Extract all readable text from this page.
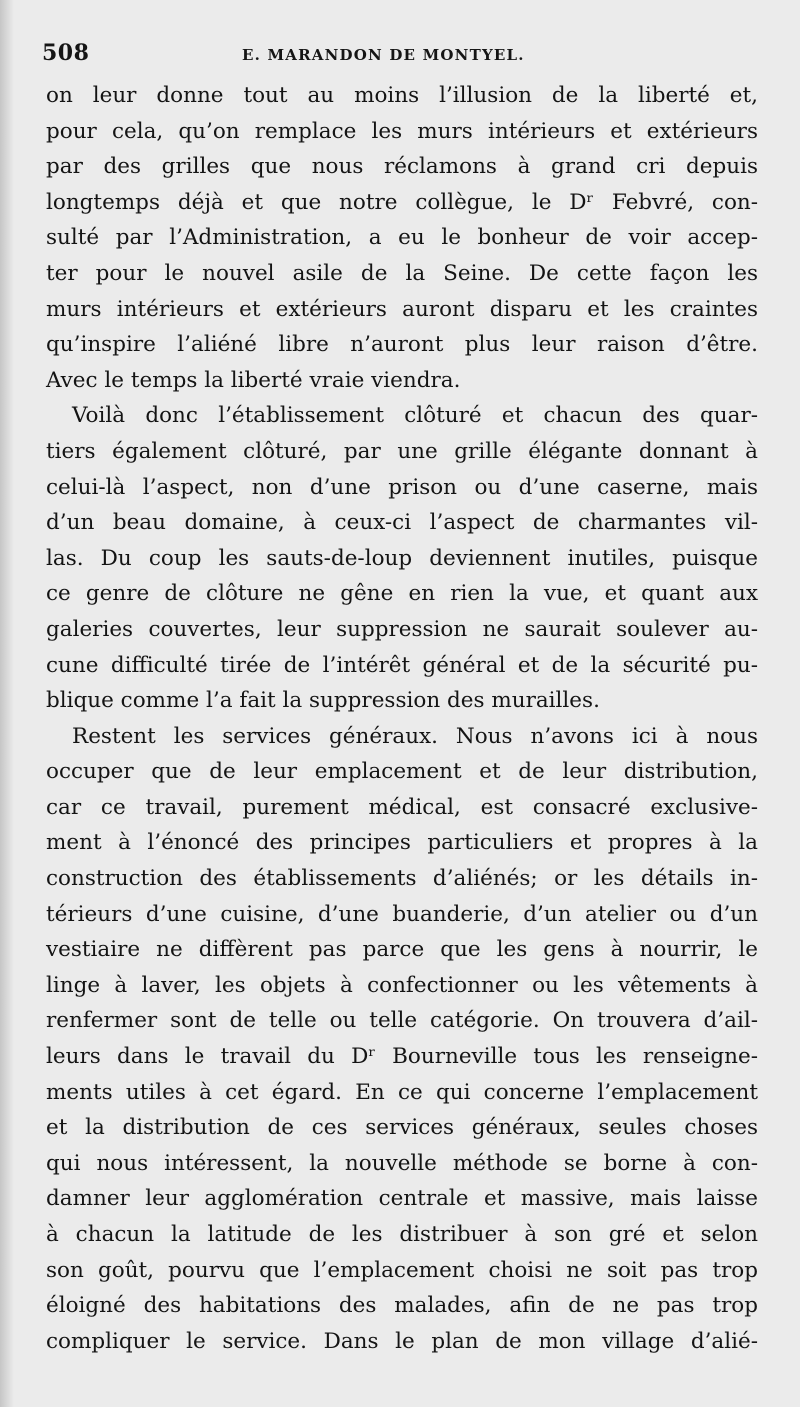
508	E. MARANDON DE MONTYEL.
on leur donne tout au moins l’illusion de la liberté et,
pour cela, qu’on remplace les murs intérieurs et extérieurs
par des grilles que nous réclamons à grand cri depuis
longtemps déjà et que notre collègue, le Dʳ Febvré, con-
sulté par l’Administration, a eu le bonheur de voir accep-
ter pour le nouvel asile de la Seine. De cette façon les
murs intérieurs et extérieurs auront disparu et les craintes
qu’inspire l’aliéné libre n’auront plus leur raison d’être.
Avec le temps la liberté vraie viendra.
Voilà donc l’établissement clôturé et chacun des quar-
tiers également clôturé, par une grille élégante donnant à
celui-là l’aspect, non d’une prison ou d’une caserne, mais
d’un beau domaine, à ceux-ci l’aspect de charmantes vil-
las. Du coup les sauts-de-loup deviennent inutiles, puisque
ce genre de clôture ne gêne en rien la vue, et quant aux
galeries couvertes, leur suppression ne saurait soulever au-
cune difficulté tirée de l’intérêt général et de la sécurité pu-
blique comme l’a fait la suppression des murailles.
Restent les services généraux. Nous n’avons ici à nous
occuper que de leur emplacement et de leur distribution,
car ce travail, purement médical, est consacré exclusive-
ment à l’énoncé des principes particuliers et propres à la
construction des établissements d’aliénés; or les détails in-
térieurs d’une cuisine, d’une buanderie, d’un atelier ou d’un
vestiaire ne diffèrent pas parce que les gens à nourrir, le
linge à laver, les objets à confectionner ou les vêtements à
renfermer sont de telle ou telle catégorie. On trouvera d’ail-
leurs dans le travail du Dʳ Bourneville tous les renseigne-
ments utiles à cet égard. En ce qui concerne l’emplacement
et la distribution de ces services généraux, seules choses
qui nous intéressent, la nouvelle méthode se borne à con-
damner leur agglomération centrale et massive, mais laisse
à chacun la latitude de les distribuer à son gré et selon
son goût, pourvu que l’emplacement choisi ne soit pas trop
éloigné des habitations des malades, afin de ne pas trop
compliquer le service. Dans le plan de mon village d’alié-
